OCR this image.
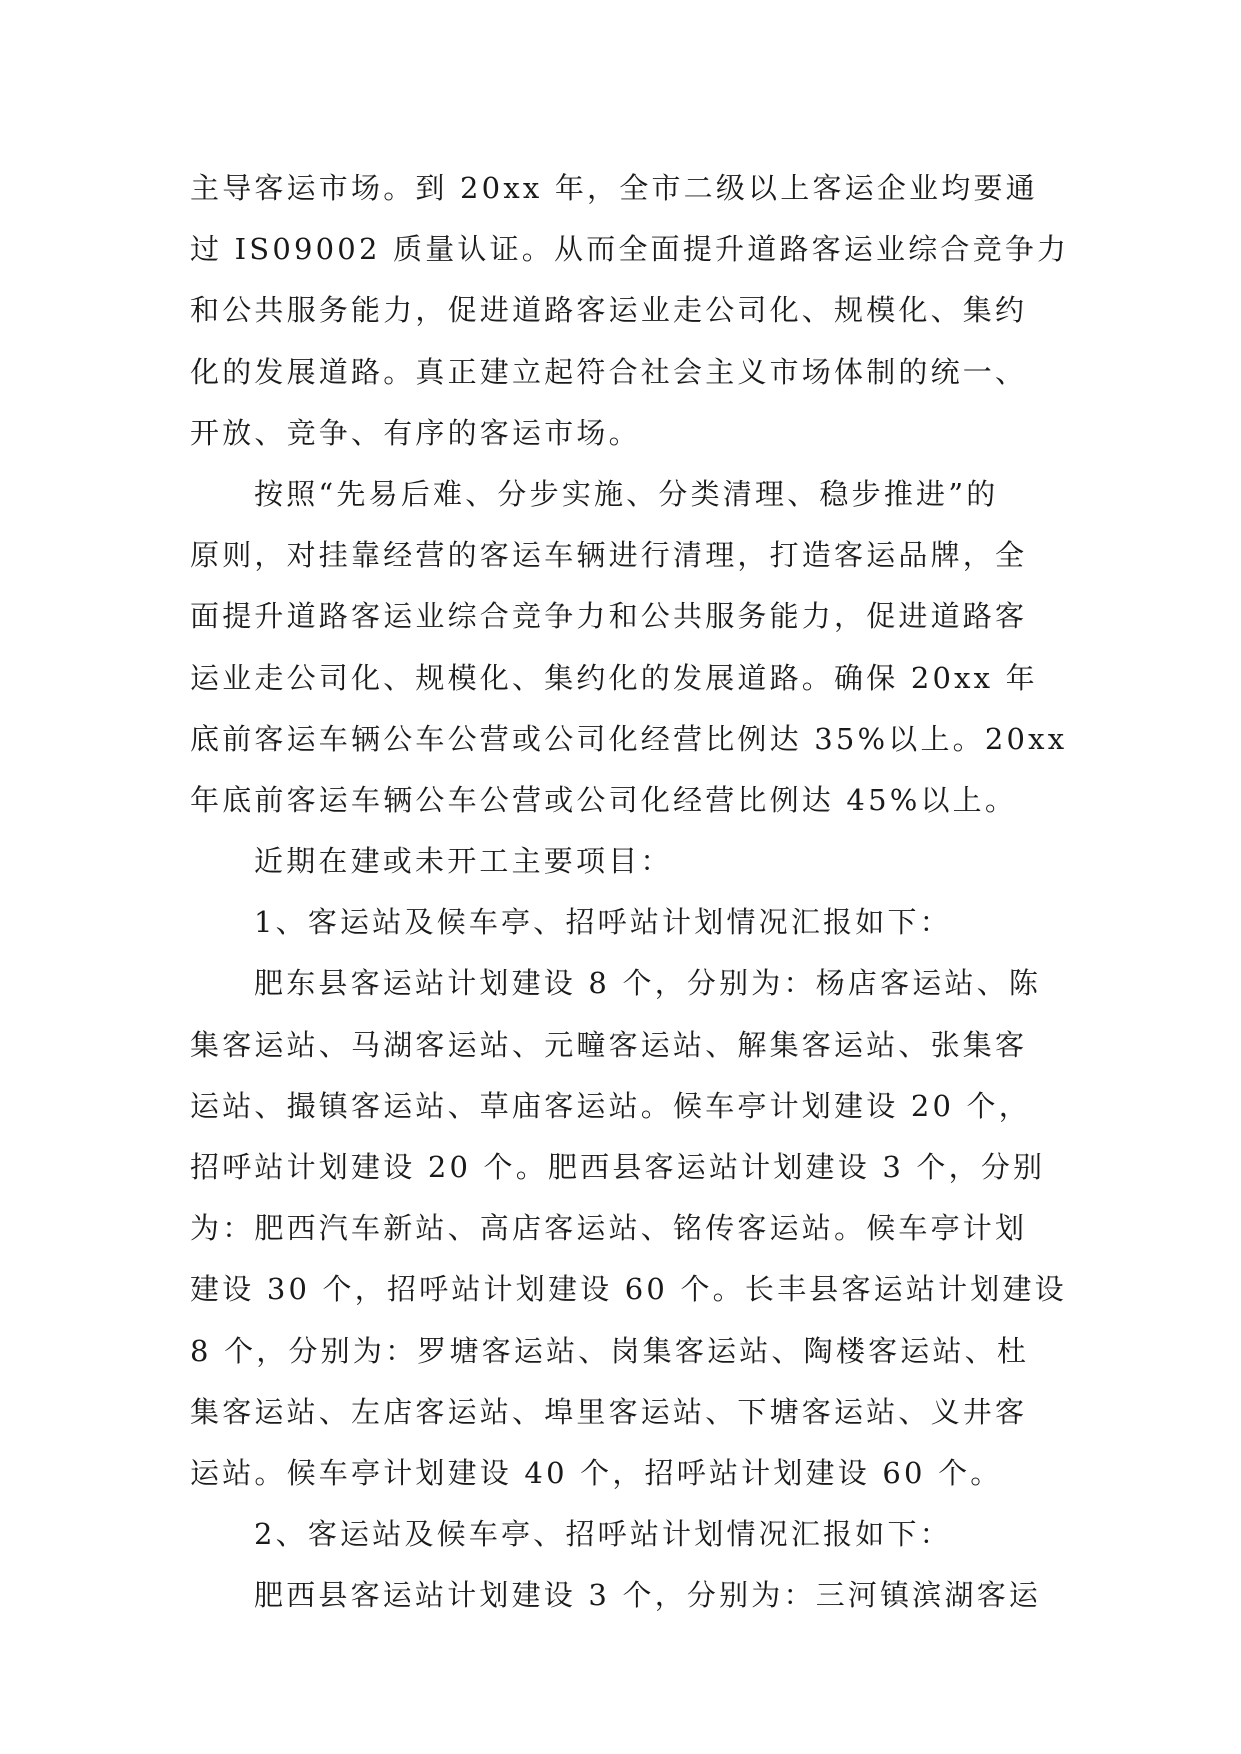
主导客运市场。到 20xx 年，全市二级以上客运企业均要通
过 IS09002 质量认证。从而全面提升道路客运业综合竞争力
和公共服务能力，促进道路客运业走公司化、规模化、集约
化的发展道路。真正建立起符合社会主义市场体制的统一、
开放、竞争、有序的客运市场。
按照“先易后难、分步实施、分类清理、稳步推进”的
原则，对挂靠经营的客运车辆进行清理，打造客运品牌，全
面提升道路客运业综合竞争力和公共服务能力，促进道路客
运业走公司化、规模化、集约化的发展道路。确保 20xx 年
底前客运车辆公车公营或公司化经营比例达 35%以上。20xx
年底前客运车辆公车公营或公司化经营比例达 45%以上。
近期在建或未开工主要项目：
1、客运站及候车亭、招呼站计划情况汇报如下：
肥东县客运站计划建设 8 个，分别为：杨店客运站、陈
集客运站、马湖客运站、元疃客运站、解集客运站、张集客
运站、撮镇客运站、草庙客运站。候车亭计划建设 20 个，
招呼站计划建设 20 个。肥西县客运站计划建设 3 个，分别
为：肥西汽车新站、高店客运站、铭传客运站。候车亭计划
建设 30 个，招呼站计划建设 60 个。长丰县客运站计划建设
8 个，分别为：罗塘客运站、岗集客运站、陶楼客运站、杜
集客运站、左店客运站、埠里客运站、下塘客运站、义井客
运站。候车亭计划建设 40 个，招呼站计划建设 60 个。
2、客运站及候车亭、招呼站计划情况汇报如下：
肥西县客运站计划建设 3 个，分别为：三河镇滨湖客运
